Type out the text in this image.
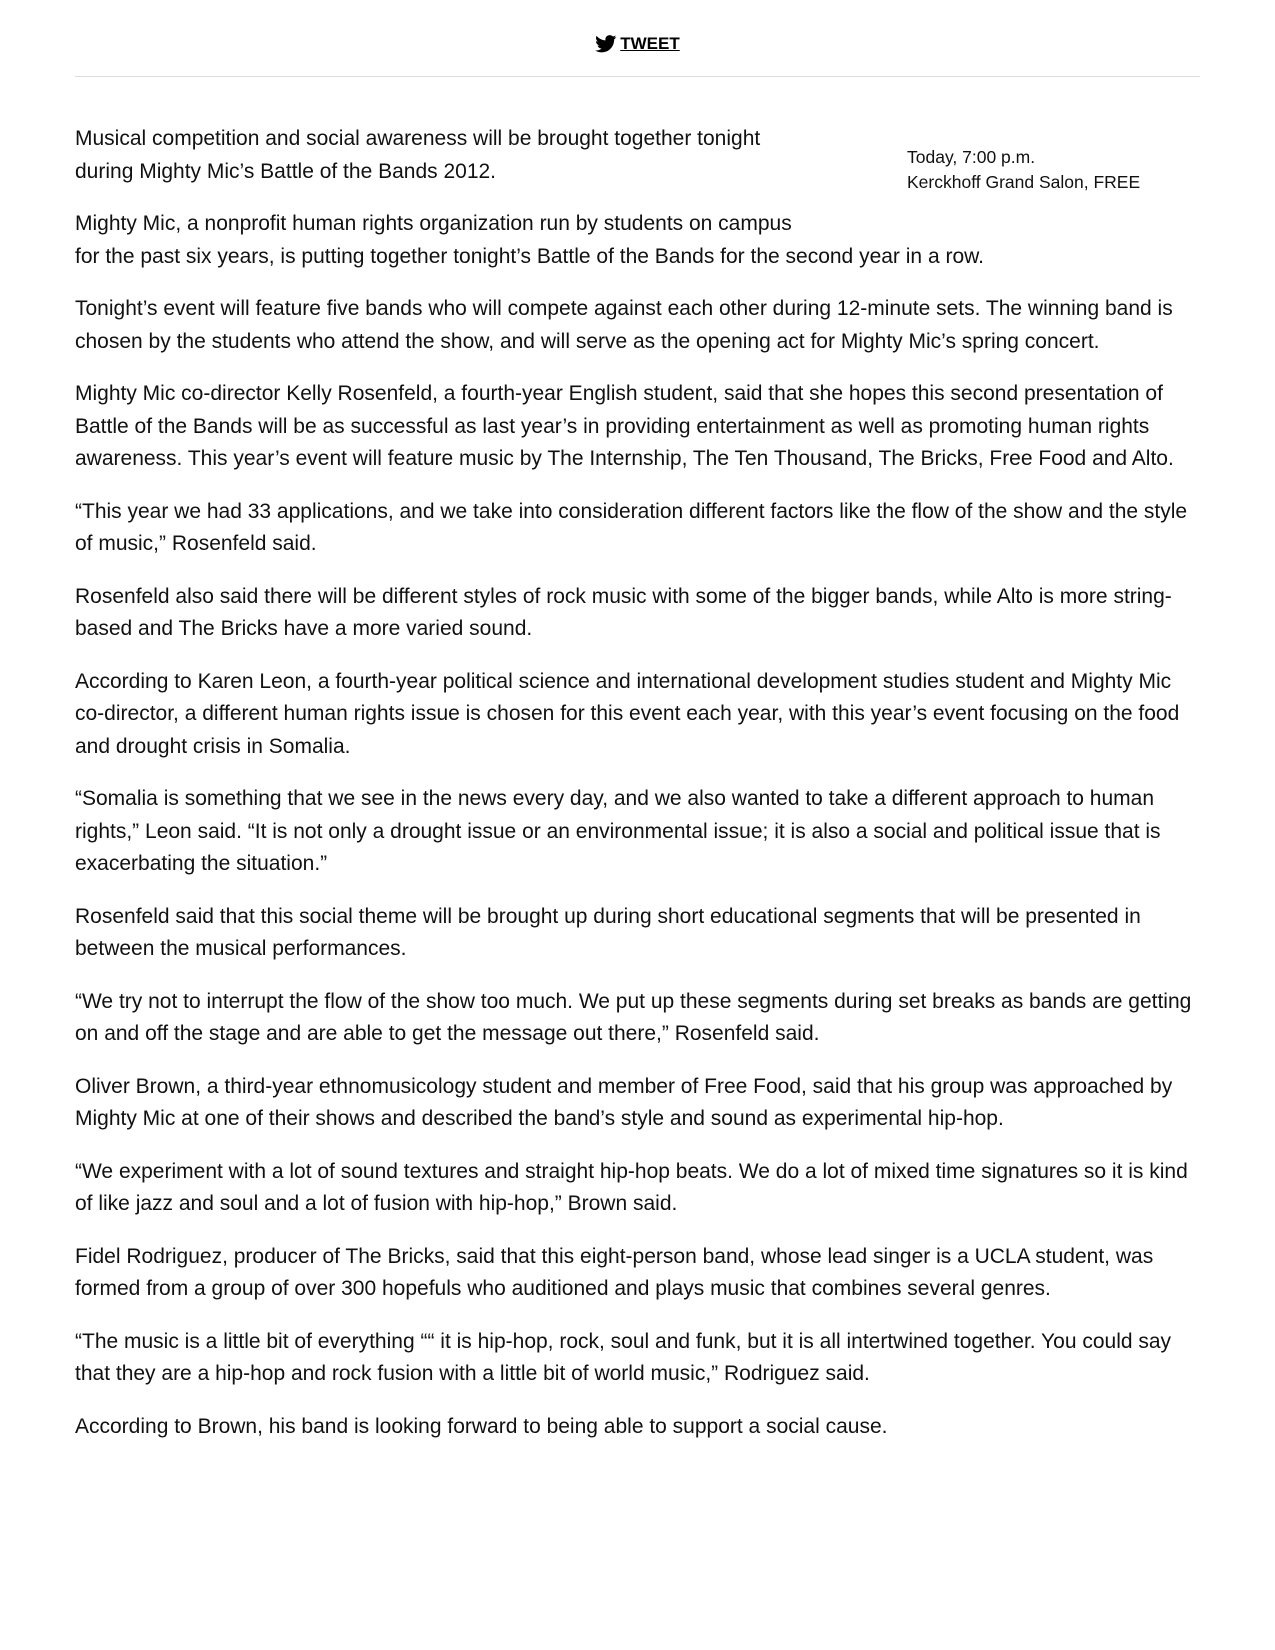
TWEET

Musical competition and social awareness will be brought together tonight
during Mighty Mic’s Battle of the Bands 2012.

Today, 7:00 p.m.
Kerckhoff Grand Salon, FREE

Mighty Mic, a nonprofit human rights organization run by students on campus
for the past six years, is putting together tonight’s Battle of the Bands for the second year in a row.

Tonight’s event will feature five bands who will compete against each other during 12-minute sets. The winning band is chosen by the students who attend the show, and will serve as the opening act for Mighty Mic’s spring concert.

Mighty Mic co-director Kelly Rosenfeld, a fourth-year English student, said that she hopes this second presentation of Battle of the Bands will be as successful as last year’s in providing entertainment as well as promoting human rights awareness. This year’s event will feature music by The Internship, The Ten Thousand, The Bricks, Free Food and Alto.

“This year we had 33 applications, and we take into consideration different factors like the flow of the show and the style of music,” Rosenfeld said.

Rosenfeld also said there will be different styles of rock music with some of the bigger bands, while Alto is more string-based and The Bricks have a more varied sound.

According to Karen Leon, a fourth-year political science and international development studies student and Mighty Mic co-director, a different human rights issue is chosen for this event each year, with this year’s event focusing on the food and drought crisis in Somalia.

“Somalia is something that we see in the news every day, and we also wanted to take a different approach to human rights,” Leon said. “It is not only a drought issue or an environmental issue; it is also a social and political issue that is exacerbating the situation.”

Rosenfeld said that this social theme will be brought up during short educational segments that will be presented in between the musical performances.

“We try not to interrupt the flow of the show too much. We put up these segments during set breaks as bands are getting on and off the stage and are able to get the message out there,” Rosenfeld said.

Oliver Brown, a third-year ethnomusicology student and member of Free Food, said that his group was approached by Mighty Mic at one of their shows and described the band’s style and sound as experimental hip-hop.

“We experiment with a lot of sound textures and straight hip-hop beats. We do a lot of mixed time signatures so it is kind of like jazz and soul and a lot of fusion with hip-hop,” Brown said.

Fidel Rodriguez, producer of The Bricks, said that this eight-person band, whose lead singer is a UCLA student, was formed from a group of over 300 hopefuls who auditioned and plays music that combines several genres.

“The music is a little bit of everything ““ it is hip-hop, rock, soul and funk, but it is all intertwined together. You could say that they are a hip-hop and rock fusion with a little bit of world music,” Rodriguez said.

According to Brown, his band is looking forward to being able to support a social cause.
